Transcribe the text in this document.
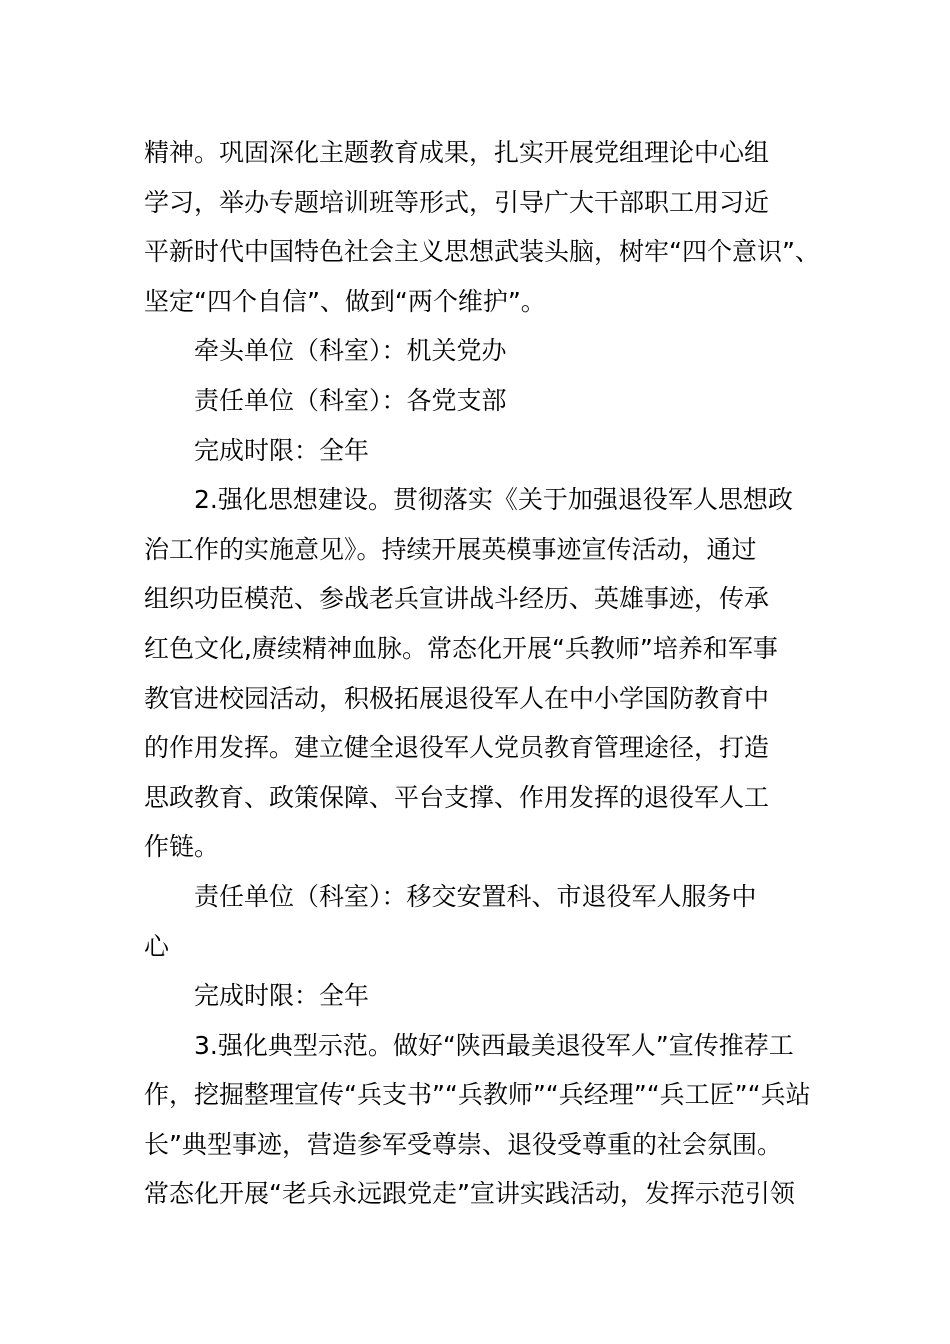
精神。巩固深化主题教育成果，扎实开展党组理论中心组
学习，举办专题培训班等形式，引导广大干部职工用习近
平新时代中国特色社会主义思想武装头脑，树牢“四个意识”、
坚定“四个自信”、做到“两个维护”。
牵头单位（科室）：机关党办
责任单位（科室）：各党支部
完成时限：全年
2.强化思想建设。贯彻落实《关于加强退役军人思想政
治工作的实施意见》。持续开展英模事迹宣传活动，通过
组织功臣模范、参战老兵宣讲战斗经历、英雄事迹，传承
红色文化,赓续精神血脉。常态化开展“兵教师”培养和军事
教官进校园活动，积极拓展退役军人在中小学国防教育中
的作用发挥。建立健全退役军人党员教育管理途径，打造
思政教育、政策保障、平台支撑、作用发挥的退役军人工
作链。
责任单位（科室）：移交安置科、市退役军人服务中
心
完成时限：全年
3.强化典型示范。做好“陕西最美退役军人”宣传推荐工
作，挖掘整理宣传“兵支书”“兵教师”“兵经理”“兵工匠”“兵站
长”典型事迹，营造参军受尊崇、退役受尊重的社会氛围。
常态化开展“老兵永远跟党走”宣讲实践活动，发挥示范引领
